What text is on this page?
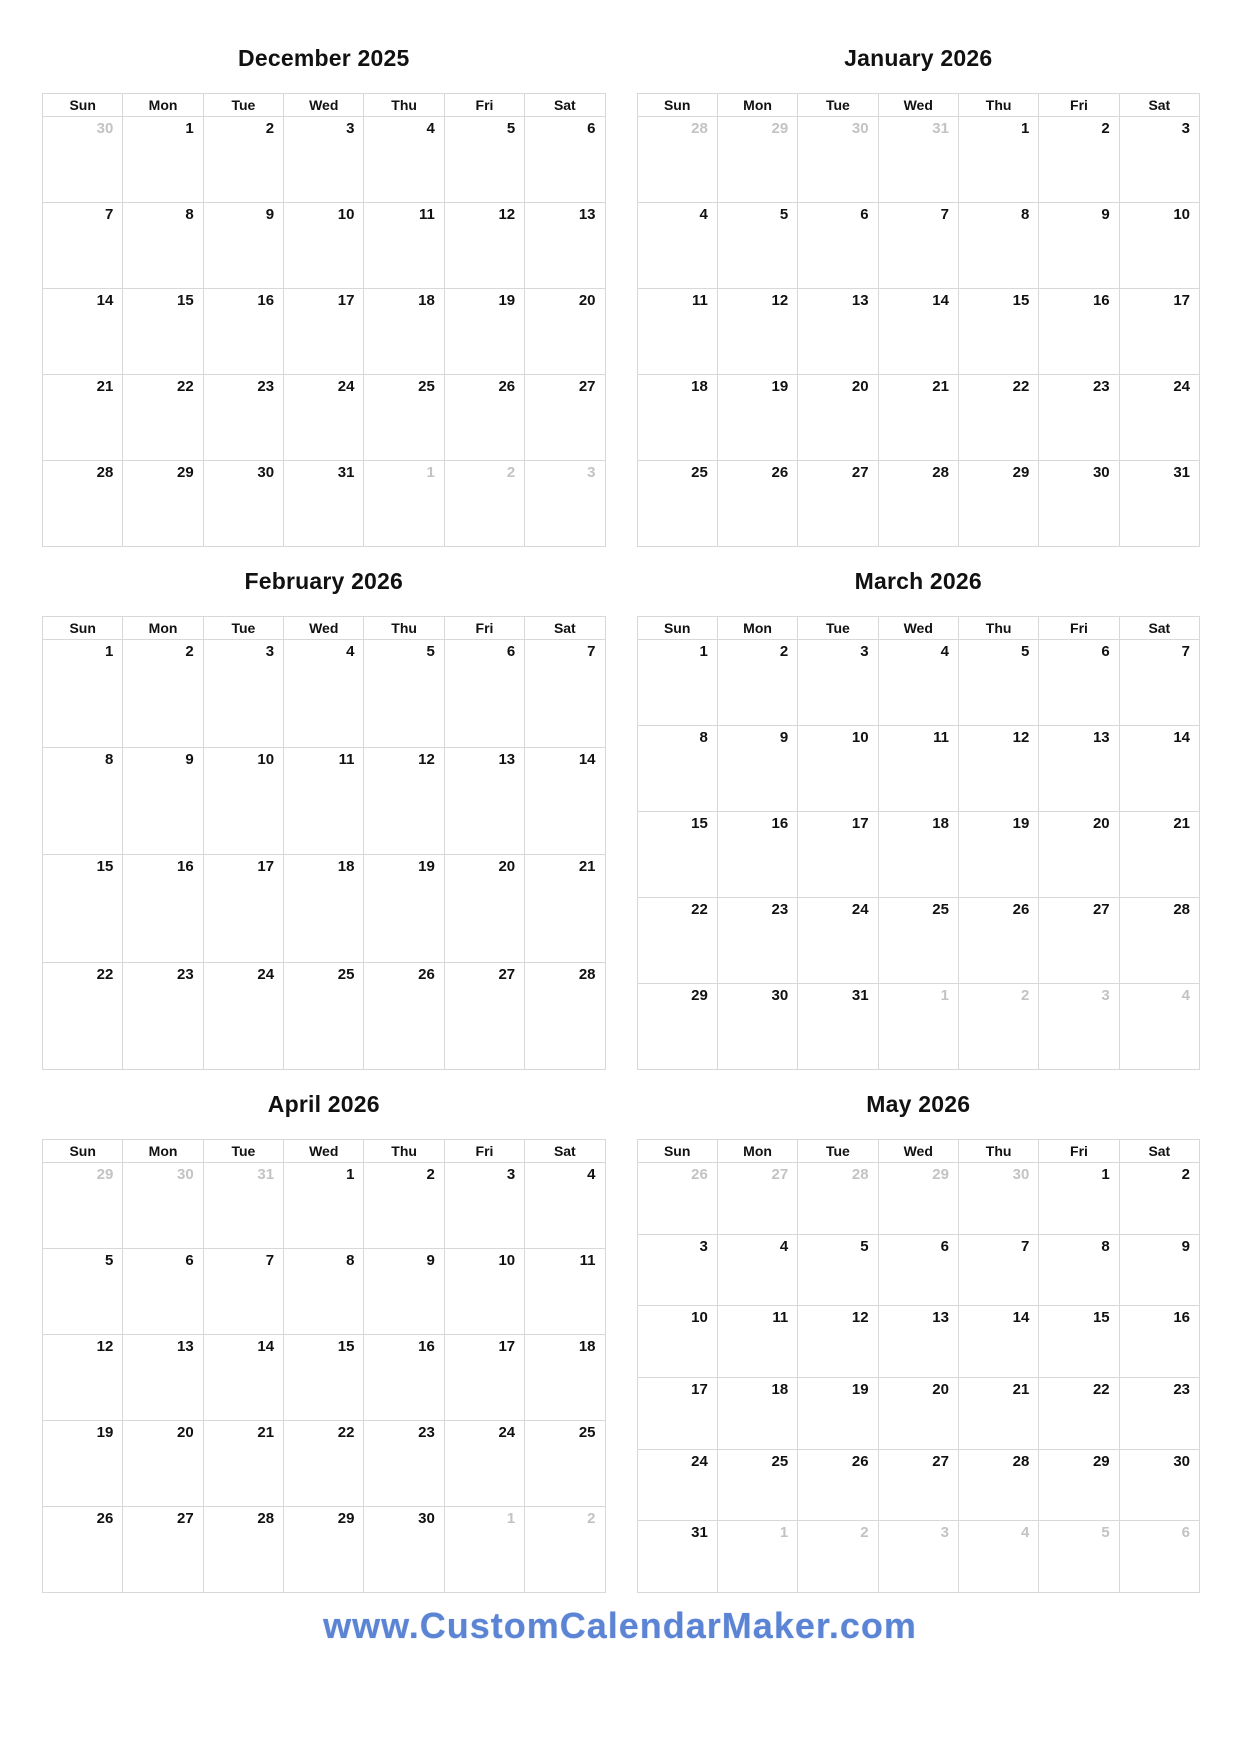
December 2025
Sun	Mon	Tue	Wed	Thu	Fri	Sat
30	1	2	3	4	5	6
7	8	9	10	11	12	13
14	15	16	17	18	19	20
21	22	23	24	25	26	27
28	29	30	31	1	2	3
January 2026
Sun	Mon	Tue	Wed	Thu	Fri	Sat
28	29	30	31	1	2	3
4	5	6	7	8	9	10
11	12	13	14	15	16	17
18	19	20	21	22	23	24
25	26	27	28	29	30	31
February 2026
Sun	Mon	Tue	Wed	Thu	Fri	Sat
1	2	3	4	5	6	7
8	9	10	11	12	13	14
15	16	17	18	19	20	21
22	23	24	25	26	27	28
March 2026
Sun	Mon	Tue	Wed	Thu	Fri	Sat
1	2	3	4	5	6	7
8	9	10	11	12	13	14
15	16	17	18	19	20	21
22	23	24	25	26	27	28
29	30	31	1	2	3	4
April 2026
Sun	Mon	Tue	Wed	Thu	Fri	Sat
29	30	31	1	2	3	4
5	6	7	8	9	10	11
12	13	14	15	16	17	18
19	20	21	22	23	24	25
26	27	28	29	30	1	2
May 2026
Sun	Mon	Tue	Wed	Thu	Fri	Sat
26	27	28	29	30	1	2
3	4	5	6	7	8	9
10	11	12	13	14	15	16
17	18	19	20	21	22	23
24	25	26	27	28	29	30
31	1	2	3	4	5	6
www.CustomCalendarMaker.com
